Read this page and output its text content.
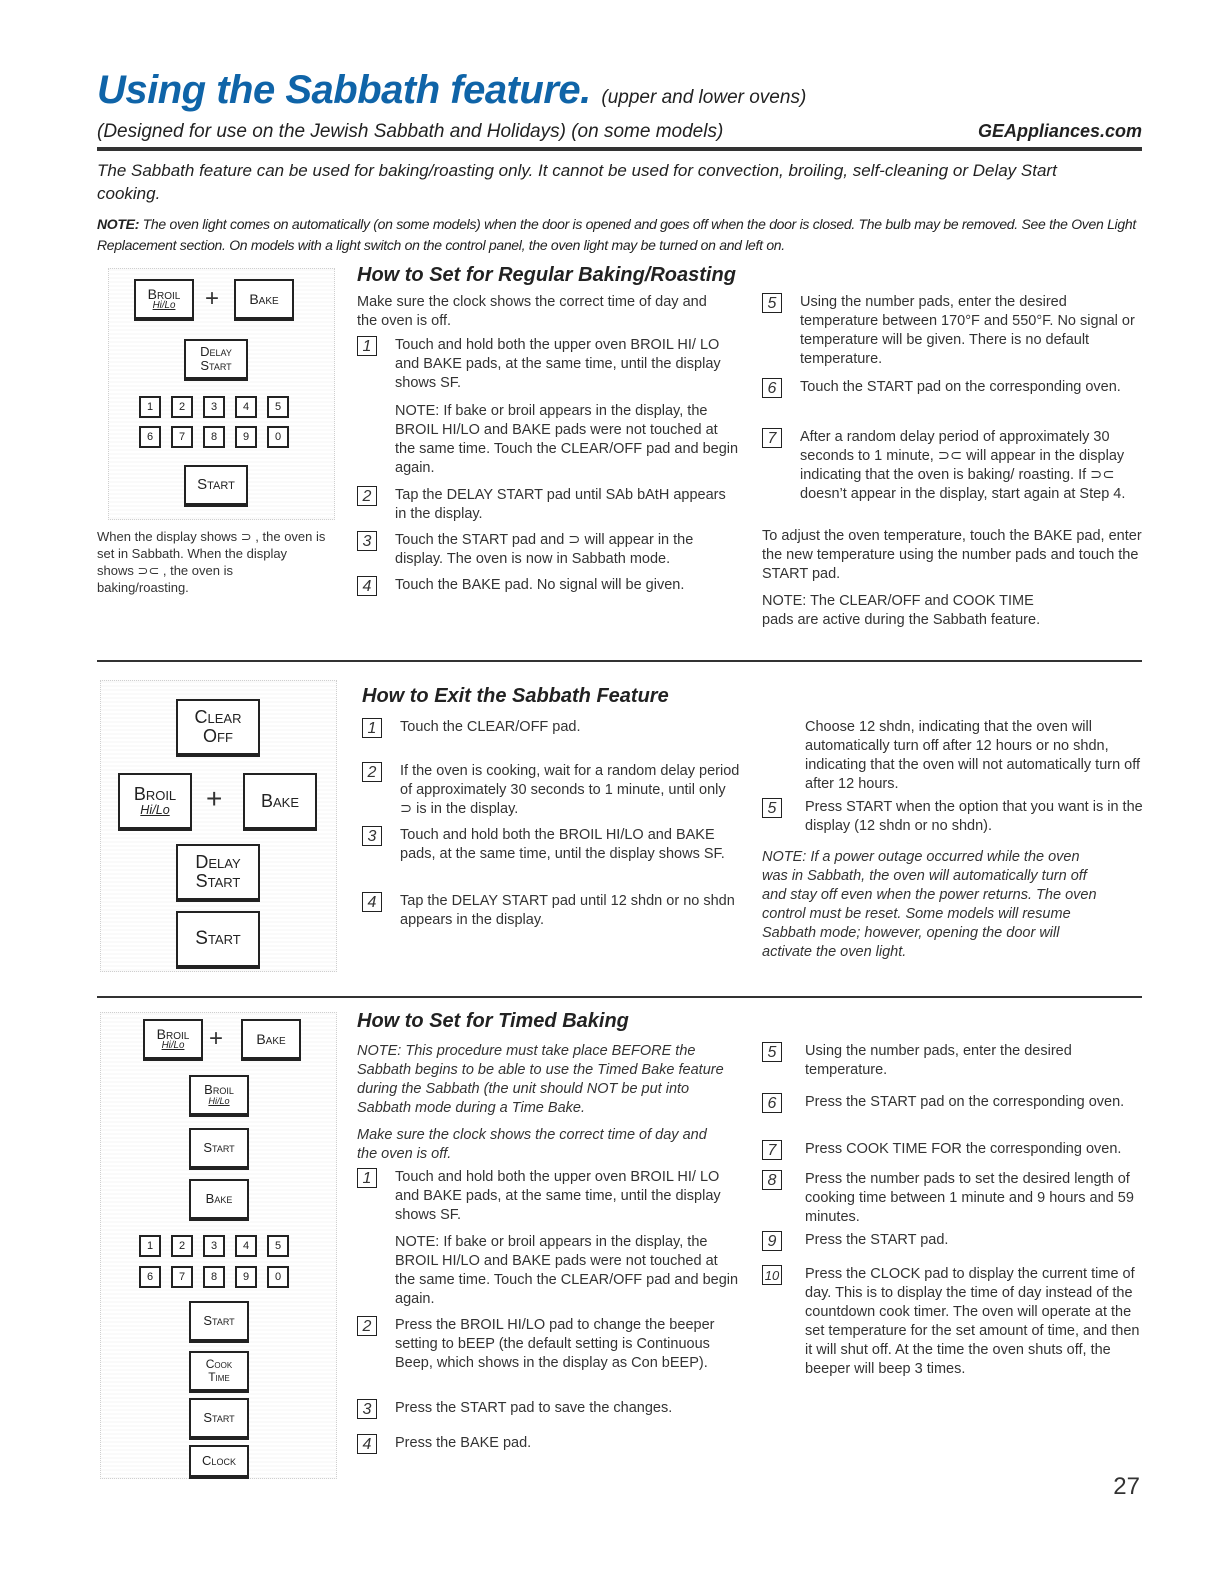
Using the Sabbath feature. (upper and lower ovens)
(Designed for use on the Jewish Sabbath and Holidays) (on some models)	GEAppliances.com
The Sabbath feature can be used for baking/roasting only. It cannot be used for convection, broiling, self-cleaning or Delay Start cooking.
NOTE: The oven light comes on automatically (on some models) when the door is opened and goes off when the door is closed. The bulb may be removed. See the Oven Light Replacement section. On models with a light switch on the control panel, the oven light may be turned on and left on.
Broil
Hi/Lo + Bake
Delay
Start
1	2	3	4	5
6	7	8	9	0
Start
When the display shows ⊃ , the oven is set in Sabbath. When the display shows ⊃⊂ , the oven is baking/roasting.
How to Set for Regular Baking/Roasting
Make sure the clock shows the correct time of day and the oven is off.
1	Touch and hold both the upper oven BROIL HI/ LO and BAKE pads, at the same time, until the display shows SF.
NOTE: If bake or broil appears in the display, the BROIL HI/LO and BAKE pads were not touched at the same time. Touch the CLEAR/OFF pad and begin again.
2	Tap the DELAY START pad until SAb bAtH appears in the display.
3	Touch the START pad and ⊃ will appear in the display. The oven is now in Sabbath mode.
4	Touch the BAKE pad. No signal will be given.
5	Using the number pads, enter the desired temperature between 170°F and 550°F. No signal or temperature will be given. There is no default temperature.
6	Touch the START pad on the corresponding oven.
7	After a random delay period of approximately 30 seconds to 1 minute, ⊃⊂ will appear in the display indicating that the oven is baking/ roasting. If ⊃⊂ doesn’t appear in the display, start again at Step 4.
To adjust the oven temperature, touch the BAKE pad, enter the new temperature using the number pads and touch the START pad.
NOTE: The CLEAR/OFF and COOK TIME pads are active during the Sabbath feature.
Clear
Off
Broil
Hi/Lo + Bake
Delay
Start
Start
How to Exit the Sabbath Feature
1	Touch the CLEAR/OFF pad.
2	If the oven is cooking, wait for a random delay period of approximately 30 seconds to 1 minute, until only ⊃ is in the display.
3	Touch and hold both the BROIL HI/LO and BAKE pads, at the same time, until the display shows SF.
4	Tap the DELAY START pad until 12 shdn or no shdn appears in the display.
Choose 12 shdn, indicating that the oven will automatically turn off after 12 hours or no shdn, indicating that the oven will not automatically turn off after 12 hours.
5	Press START when the option that you want is in the display (12 shdn or no shdn).
NOTE: If a power outage occurred while the oven was in Sabbath, the oven will automatically turn off and stay off even when the power returns. The oven control must be reset. Some models will resume Sabbath mode; however, opening the door will activate the oven light.
Broil
Hi/Lo + Bake
Broil
Hi/Lo
Start
Bake
1	2	3	4	5
6	7	8	9	0
Start
Cook
Time
Start
Clock
How to Set for Timed Baking
NOTE: This procedure must take place BEFORE the Sabbath begins to be able to use the Timed Bake feature during the Sabbath (the unit should NOT be put into Sabbath mode during a Time Bake.
Make sure the clock shows the correct time of day and the oven is off.
1	Touch and hold both the upper oven BROIL HI/ LO and BAKE pads, at the same time, until the display shows SF.
NOTE: If bake or broil appears in the display, the BROIL HI/LO and BAKE pads were not touched at the same time. Touch the CLEAR/OFF pad and begin again.
2	Press the BROIL HI/LO pad to change the beeper setting to bEEP (the default setting is Continuous Beep, which shows in the display as Con bEEP).
3	Press the START pad to save the changes.
4	Press the BAKE pad.
5	Using the number pads, enter the desired temperature.
6	Press the START pad on the corresponding oven.
7	Press COOK TIME FOR the corresponding oven.
8	Press the number pads to set the desired length of cooking time between 1 minute and 9 hours and 59 minutes.
9	Press the START pad.
10 Press the CLOCK pad to display the current time of day. This is to display the time of day instead of the countdown cook timer. The oven will operate at the set temperature for the set amount of time, and then it will shut off. At the time the oven shuts off, the beeper will beep 3 times.
27
